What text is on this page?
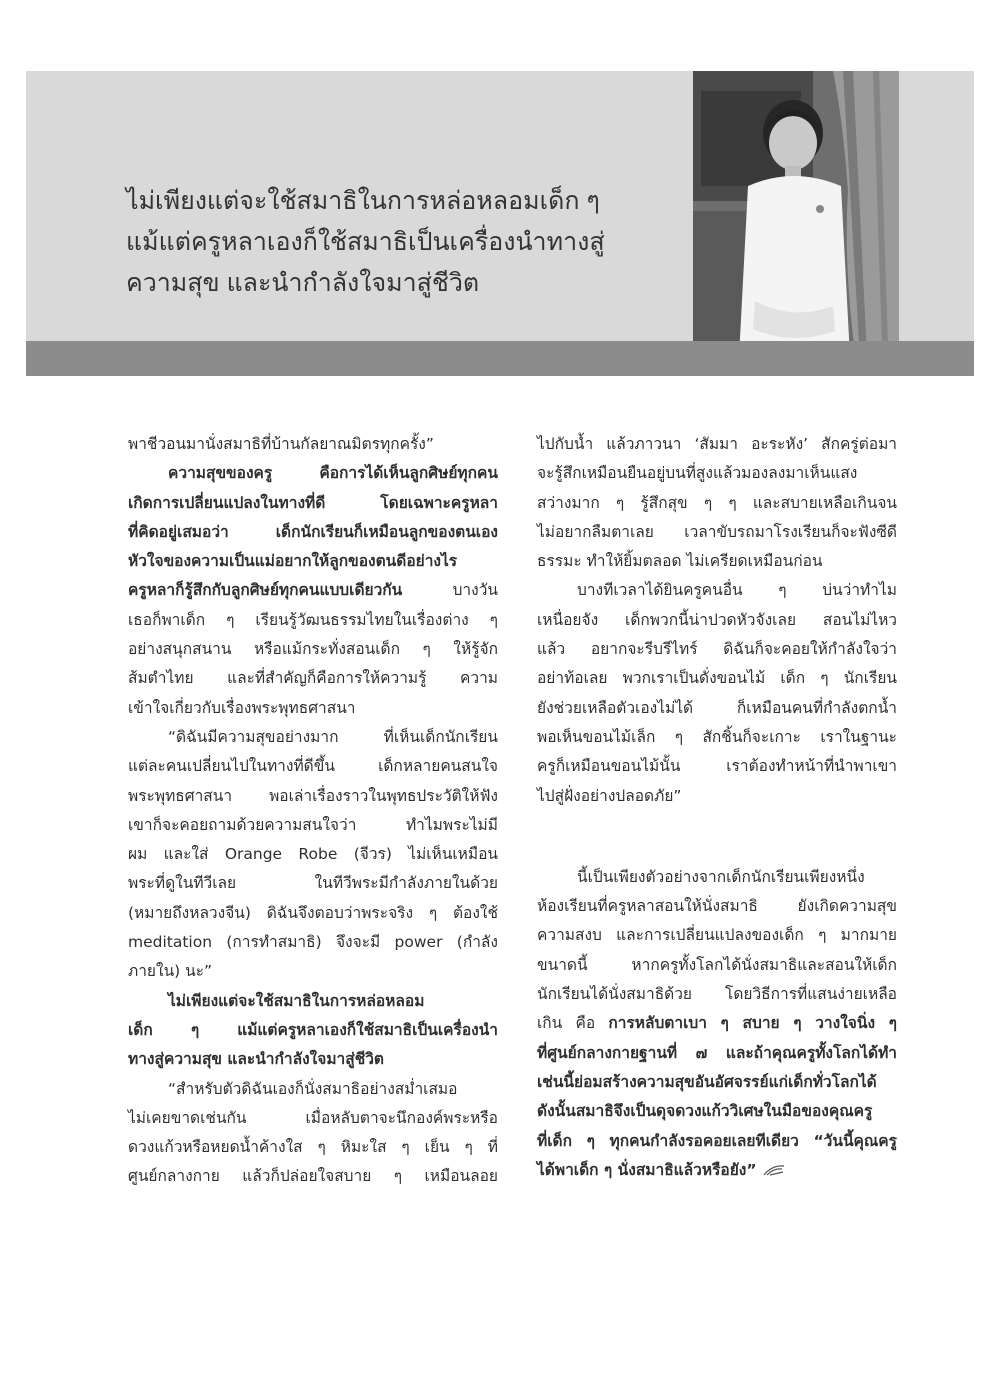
ไม่เพียงแต่จะใช้สมาธิในการหล่อหลอมเด็ก ๆ
แม้แต่ครูหลาเองก็ใช้สมาธิเป็นเครื่องนำทางสู่
ความสุข และนำกำลังใจมาสู่ชีวิต
พาชีวอนมานั่งสมาธิที่บ้านกัลยาณมิตรทุกครั้ง”
ความสุขของครู คือการได้เห็นลูกศิษย์ทุกคน
เกิดการเปลี่ยนแปลงในทางที่ดี โดยเฉพาะครูหลา
ที่คิดอยู่เสมอว่า เด็กนักเรียนก็เหมือนลูกของตนเอง
หัวใจของความเป็นแม่อยากให้ลูกของตนดีอย่างไร
ครูหลาก็รู้สึกกับลูกศิษย์ทุกคนแบบเดียวกัน	บางวัน
เธอก็พาเด็ก ๆ เรียนรู้วัฒนธรรมไทยในเรื่องต่าง ๆ
อย่างสนุกสนาน หรือแม้กระทั่งสอนเด็ก ๆ ให้รู้จัก
ส้มตำไทย และที่สำคัญก็คือการให้ความรู้ ความ
เข้าใจเกี่ยวกับเรื่องพระพุทธศาสนา
“ดิฉันมีความสุขอย่างมาก ที่เห็นเด็กนักเรียน
แต่ละคนเปลี่ยนไปในทางที่ดีขึ้น เด็กหลายคนสนใจ
พระพุทธศาสนา พอเล่าเรื่องราวในพุทธประวัติให้ฟัง
เขาก็จะคอยถามด้วยความสนใจว่า ทำไมพระไม่มี
ผม และใส่ Orange Robe (จีวร) ไม่เห็นเหมือน
พระที่ดูในทีวีเลย ในทีวีพระมีกำลังภายในด้วย
(หมายถึงหลวงจีน) ดิฉันจึงตอบว่าพระจริง ๆ ต้องใช้
meditation (การทำสมาธิ) จึงจะมี power (กำลัง
ภายใน) นะ”
ไม่เพียงแต่จะใช้สมาธิในการหล่อหลอม
เด็ก ๆ แม้แต่ครูหลาเองก็ใช้สมาธิเป็นเครื่องนำ
ทางสู่ความสุข และนำกำลังใจมาสู่ชีวิต
“สำหรับตัวดิฉันเองก็นั่งสมาธิอย่างสม่ำเสมอ
ไม่เคยขาดเช่นกัน เมื่อหลับตาจะนึกองค์พระหรือ
ดวงแก้วหรือหยดน้ำค้างใส ๆ หิมะใส ๆ เย็น ๆ ที่
ศูนย์กลางกาย แล้วก็ปล่อยใจสบาย ๆ เหมือนลอย
ไปกับน้ำ แล้วภาวนา ‘สัมมา อะระหัง’ สักครู่ต่อมา
จะรู้สึกเหมือนยืนอยู่บนที่สูงแล้วมองลงมาเห็นแสง
สว่างมาก ๆ รู้สึกสุข ๆ ๆ และสบายเหลือเกินจน
ไม่อยากลืมตาเลย เวลาขับรถมาโรงเรียนก็จะฟังซีดี
ธรรมะ ทำให้ยิ้มตลอด ไม่เครียดเหมือนก่อน
บางทีเวลาได้ยินครูคนอื่น ๆ บ่นว่าทำไม
เหนื่อยจัง เด็กพวกนี้น่าปวดหัวจังเลย สอนไม่ไหว
แล้ว อยากจะรีบรีไทร์ ดิฉันก็จะคอยให้กำลังใจว่า
อย่าท้อเลย พวกเราเป็นดั่งขอนไม้ เด็ก ๆ นักเรียน
ยังช่วยเหลือตัวเองไม่ได้ ก็เหมือนคนที่กำลังตกน้ำ
พอเห็นขอนไม้เล็ก ๆ สักชิ้นก็จะเกาะ เราในฐานะ
ครูก็เหมือนขอนไม้นั้น เราต้องทำหน้าที่นำพาเขา
ไปสู่ฝั่งอย่างปลอดภัย”
นี้เป็นเพียงตัวอย่างจากเด็กนักเรียนเพียงหนึ่ง
ห้องเรียนที่ครูหลาสอนให้นั่งสมาธิ ยังเกิดความสุข
ความสงบ และการเปลี่ยนแปลงของเด็ก ๆ มากมาย
ขนาดนี้ หากครูทั้งโลกได้นั่งสมาธิและสอนให้เด็ก
นักเรียนได้นั่งสมาธิด้วย โดยวิธีการที่แสนง่ายเหลือ
เกิน คือ การหลับตาเบา ๆ สบาย ๆ วางใจนิ่ง ๆ
ที่ศูนย์กลางกายฐานที่ ๗ และถ้าคุณครูทั้งโลกได้ทำ
เช่นนี้ย่อมสร้างความสุขอันอัศจรรย์แก่เด็กทั่วโลกได้
ดังนั้นสมาธิจึงเป็นดุจดวงแก้ววิเศษในมือของคุณครู
ที่เด็ก ๆ ทุกคนกำลังรอคอยเลยทีเดียว “วันนี้คุณครู
ได้พาเด็ก ๆ นั่งสมาธิแล้วหรือยัง”
